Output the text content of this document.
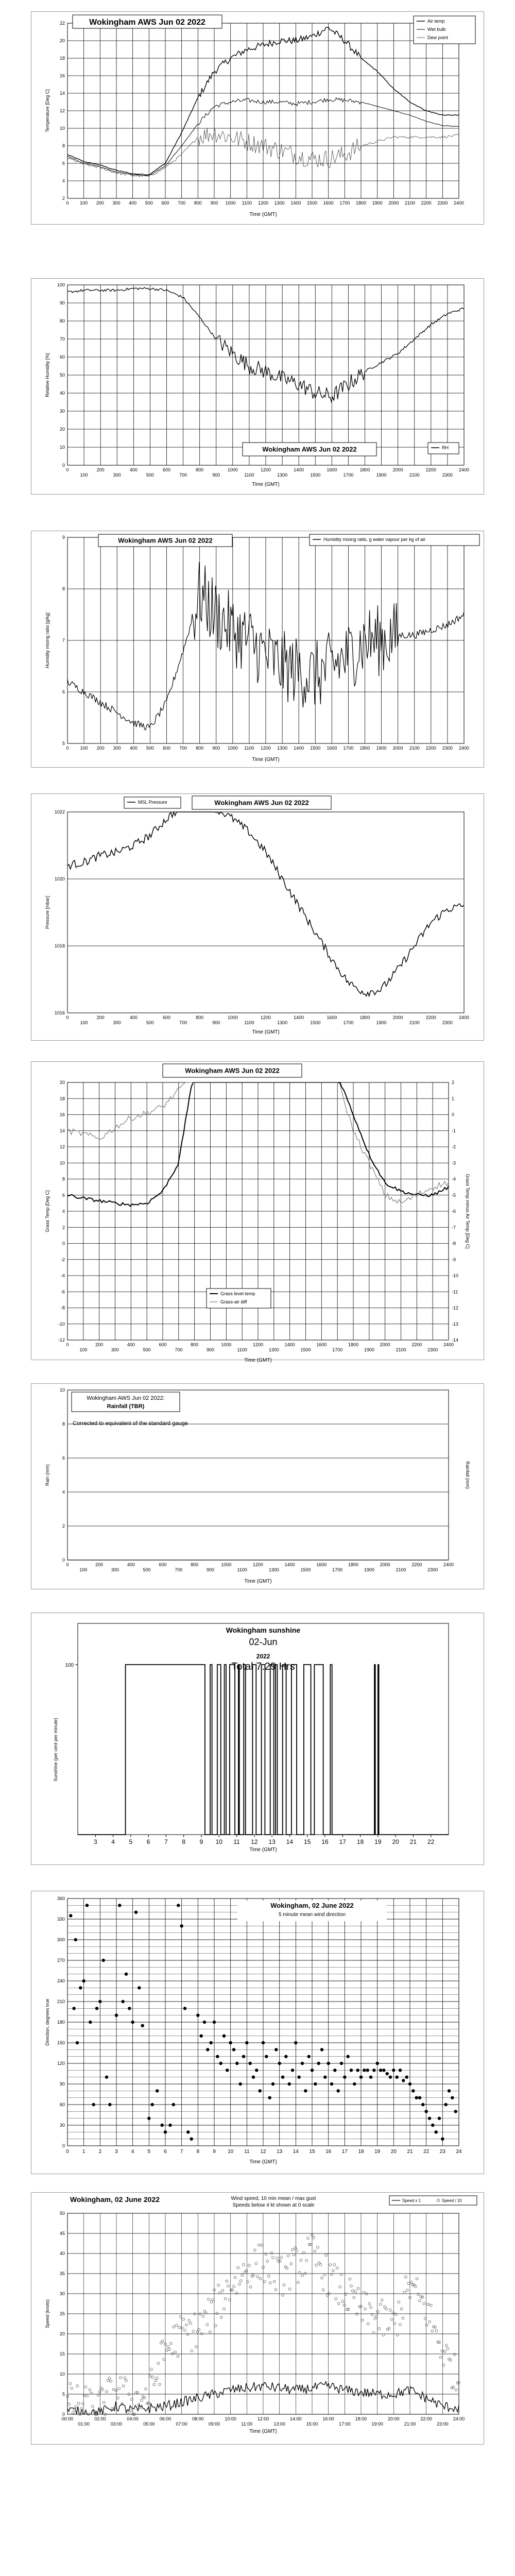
2
4
6
8
10
12
14
16
18
20
22
0 100 200 300 400 500 600 700 800 900 1000 1100 1200 1300 1400 1500 1600 1700 1800 1900 2000 2100 2200 2300 2400
Time (GMT)
Temperature [Deg C]
Wokingham AWS Jun 02 2022	Air temp
Wet bulb
Dew point
0
10
20
30
40
50
60
70
80
90
100
0
100
200
300
400
500
600
700
800
900
1000
1100
1200
1300
1400
1500
1600
1700
1800
1900
2000
2100
2200
2300
2400
Time (GMT)
Relative Humidity [%]
Wokingham AWS Jun 02 2022	RH
5
6
7
8
9
0 100 200 300 400 500 600 700 800 900 1000 1100 1200 1300 1400 1500 1600 1700 1800 1900 2000 2100 2200 2300 2400
Time (GMT)
Humidity mixing ratio [g/kg]
Wokingham AWS Jun 02 2022	Humidity mixing ratio, g water vapour per kg of air
1016
1018
1020
1022
0
100
200
300
400
500
600
700
800
900
1000
1100
1200
1300
1400
1500
1600
1700
1800
1900
2000
2100
2200
2300
2400
Time (GMT)
Pressure [mbar]
MSL Pressure	Wokingham AWS Jun 02 2022
-12
-10
-8
-6
-4
-2
0
2
4
6
8
10
12
14
16
18
20
-14
-13
-12
-11
-10
-9
-8
-7
-6
-5
-4
-3
-2
-1
0
1
2
0
100
200
300
400
500
600
700
800
900
1000
1100
1200
1300
1400
1500
1600
1700
1800
1900
2000
2100
2200
2300
2400
Time (GMT)
Grass Temp [Deg C]	Grass Temp minus Air Temp [Deg C]
Wokingham AWS Jun 02 2022
Grass level temp
Grass-air diff
0
2
4
6
8
10
0
100
200
300
400
500
600
700
800
900
1000
1100
1200
1300
1400
1500
1600
1700
1800
1900
2000
2100
2200
2300
2400
Time (GMT)
Rain (mm)	Rainfall (mm)
Wokingham AWS Jun 02 2022:
Rainfall (TBR)
Corrected to equivalent of the standard gauge
3 4 5 6 7 8 9 10 11 12 13 14 15 16 17 18 19 20 21 22
100
Time (GMT)
Sunshine (per cent per minute)
Wokingham sunshine
02-Jun
2022
Total 7.29 Hrs
0
30
60
90
120
150
180
210
240
270
300
330
360
0	1	2	3	4	5	6	7	8	9 10 11 12 13 14 15 16 17 18 19 20 21 22 23 24
Time (GMT)
Direction, degrees true
Wokingham, 02 June 2022
5 minute mean wind direction
0
5
10
15
20
25
30
35
40
45
50
00:00
01:00
02:00
03:00
04:00
05:00
06:00
07:00
08:00
09:00
10:00
11:00
12:00
13:00
14:00
15:00
16:00
17:00
18:00
19:00
20:00
21:00
22:00
23:00
24:00
Time (GMT)
Speed (knots)
Wokingham, 02 June 2022	Wind speed, 10 min mean / max gust
Speeds below 4 kt shown at 0 scale
Speed x 1	Speed / 10
